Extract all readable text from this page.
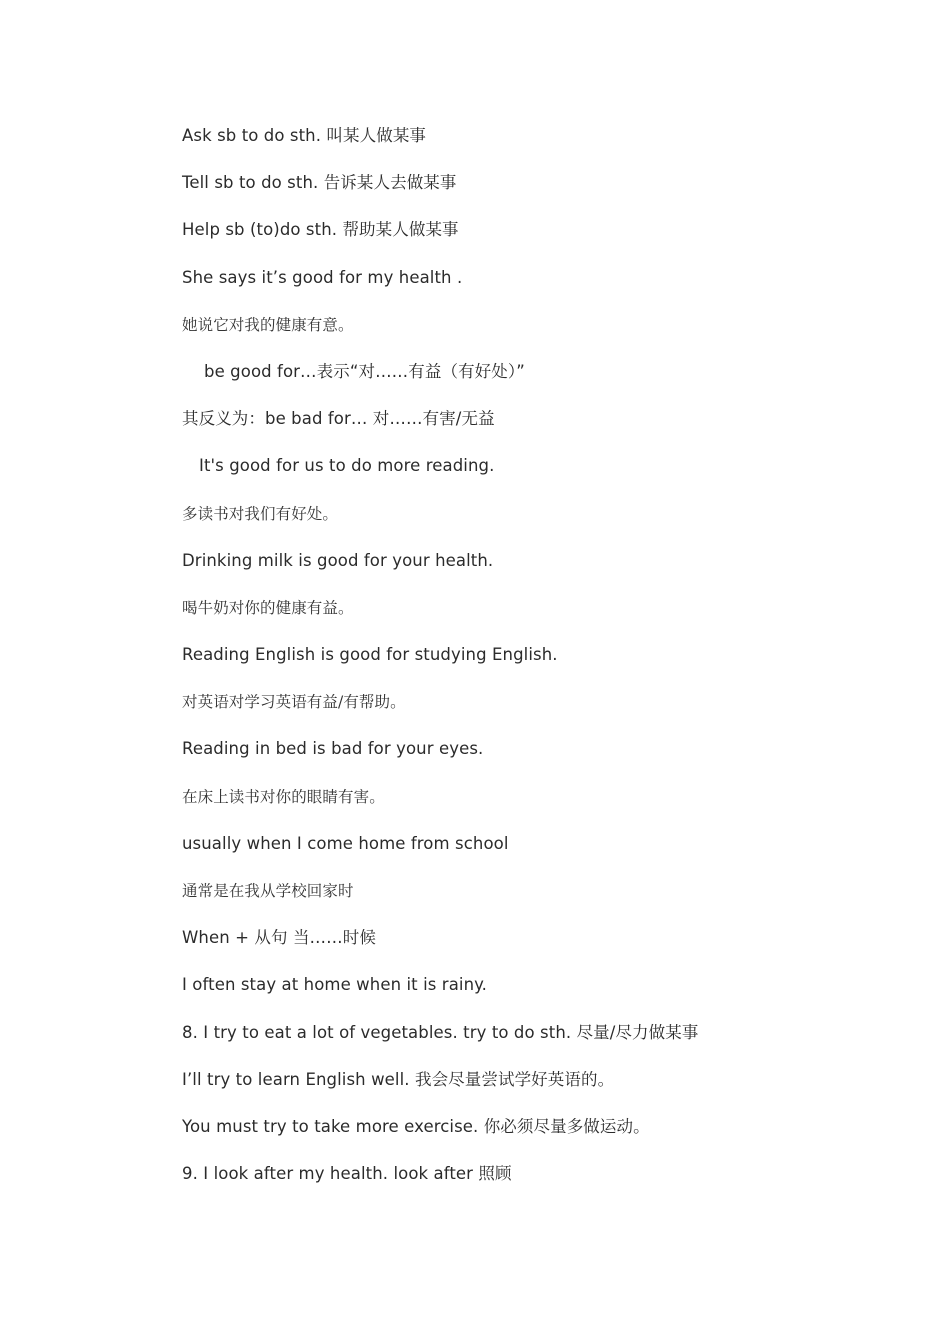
Ask sb to do sth. 叫某人做某事
Tell sb to do sth. 告诉某人去做某事
Help sb (to)do sth. 帮助某人做某事
She says it’s good for my health .
她说它对我的健康有意。
be good for…表示“对……有益（有好处）”
其反义为：be bad for… 对……有害/无益
It's good for us to do more reading.
多读书对我们有好处。
Drinking milk is good for your health.
喝牛奶对你的健康有益。
Reading English is good for studying English.
对英语对学习英语有益/有帮助。
Reading in bed is bad for your eyes.
在床上读书对你的眼睛有害。
usually when I come home from school
通常是在我从学校回家时
When + 从句 当……时候
I often stay at home when it is rainy.
8. I try to eat a lot of vegetables. try to do sth. 尽量/尽力做某事
I’ll try to learn English well. 我会尽量尝试学好英语的。
You must try to take more exercise. 你必须尽量多做运动。
9. I look after my health. look after 照顾
